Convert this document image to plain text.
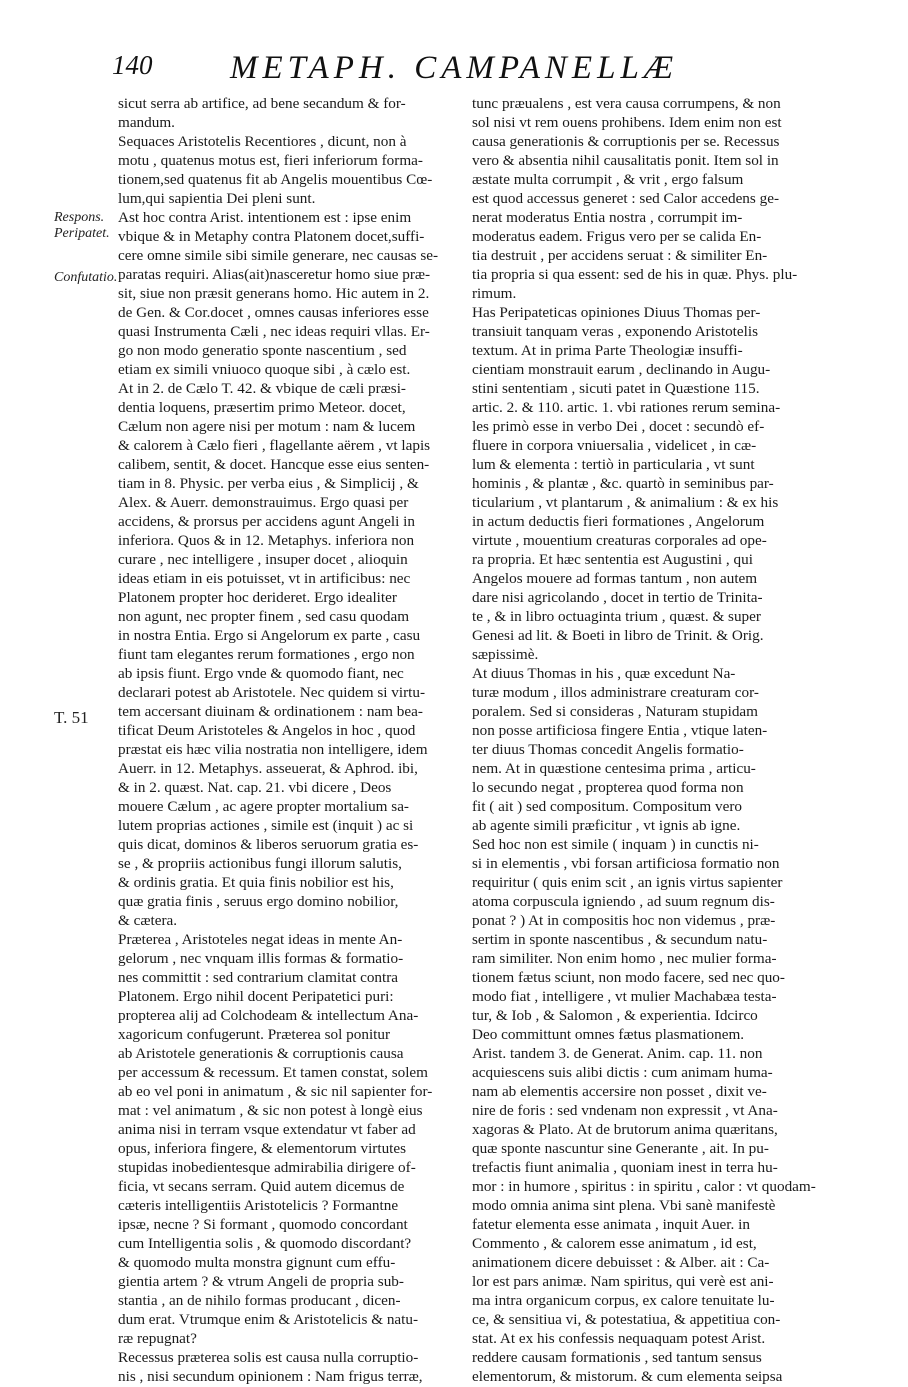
140 METAPH. CAMPANELLÆ
Respons. Peripatet.
Confutatio.
T. 51
sicut serra ab artifice, ad bene secandum & for-
mandum.
Sequaces Aristotelis Recentiores , dicunt, non à
motu , quatenus motus est, fieri inferiorum forma-
tionem,sed quatenus fit ab Angelis mouentibus Cœ-
lum,qui sapientia Dei pleni sunt.
Ast hoc contra Arist. intentionem est : ipse enim
vbique & in Metaphy contra Platonem docet,suffi-
cere omne simile sibi simile generare, nec causas se-
paratas requiri. Alias(ait)nasceretur homo siue præ-
sit, siue non præsit generans homo. Hic autem in 2.
de Gen. & Cor.docet , omnes causas inferiores esse
quasi Instrumenta Cæli , nec ideas requiri vllas. Er-
go non modo generatio sponte nascentium , sed
etiam ex simili vniuoco quoque sibi , à cælo est.
At in 2. de Cælo T. 42. & vbique de cæli præsi-
dentia loquens, præsertim primo Meteor. docet,
Cælum non agere nisi per motum : nam & lucem
& calorem à Cælo fieri , flagellante aërem , vt lapis
calibem, sentit, & docet. Hancque esse eius senten-
tiam in 8. Physic. per verba eius , & Simplicij , &
Alex. & Auerr. demonstrauimus. Ergo quasi per
accidens, & prorsus per accidens agunt Angeli in
inferiora. Quos & in 12. Metaphys. inferiora non
curare , nec intelligere , insuper docet , alioquin
ideas etiam in eis potuisset, vt in artificibus: nec
Platonem propter hoc derideret. Ergo idealiter
non agunt, nec propter finem , sed casu quodam
in nostra Entia. Ergo si Angelorum ex parte , casu
fiunt tam elegantes rerum formationes , ergo non
ab ipsis fiunt. Ergo vnde & quomodo fiant, nec
declarari potest ab Aristotele. Nec quidem si virtu-
tem accersant diuinam & ordinationem : nam bea-
tificat Deum Aristoteles & Angelos in hoc , quod
præstat eis hæc vilia nostratia non intelligere, idem
Auerr. in 12. Metaphys. asseuerat, & Aphrod. ibi,
& in 2. quæst. Nat. cap. 21. vbi dicere , Deos
mouere Cælum , ac agere propter mortalium sa-
lutem proprias actiones , simile est (inquit ) ac si
quis dicat, dominos & liberos seruorum gratia es-
se , & propriis actionibus fungi illorum salutis,
& ordinis gratia. Et quia finis nobilior est his,
quæ gratia finis , seruus ergo domino nobilior,
& cætera.
Præterea , Aristoteles negat ideas in mente An-
gelorum , nec vnquam illis formas & formatio-
nes committit : sed contrarium clamitat contra
Platonem. Ergo nihil docent Peripatetici puri:
propterea alij ad Colchodeam & intellectum Ana-
xagoricum confugerunt. Præterea sol ponitur
ab Aristotele generationis & corruptionis causa
per accessum & recessum. Et tamen constat, solem
ab eo vel poni in animatum , & sic nil sapienter for-
mat : vel animatum , & sic non potest à longè eius
anima nisi in terram vsque extendatur vt faber ad
opus, inferiora fingere, & elementorum virtutes
stupidas inobedientesque admirabilia dirigere of-
ficia, vt secans serram. Quid autem dicemus de
cæteris intelligentiis Aristotelicis ? Formantne
ipsæ, necne ? Si formant , quomodo concordant
cum Intelligentia solis , & quomodo discordant?
& quomodo multa monstra gignunt cum effu-
gientia artem ? & vtrum Angeli de propria sub-
stantia , an de nihilo formas producant , dicen-
dum erat. Vtrumque enim & Aristotelicis & natu-
ræ repugnat?
Recessus præterea solis est causa nulla corruptio-
nis , nisi secundum opinionem : Nam frigus terræ,
tunc præualens , est vera causa corrumpens, & non
sol nisi vt rem ouens prohibens. Idem enim non est
causa generationis & corruptionis per se. Recessus
vero & absentia nihil causalitatis ponit. Item sol in
æstate multa corrumpit , & vrit , ergo falsum
est quod accessus generet : sed Calor accedens ge-
nerat moderatus Entia nostra , corrumpit im-
moderatus eadem. Frigus vero per se calida En-
tia destruit , per accidens seruat : & similiter En-
tia propria si qua essent: sed de his in quæ. Phys. plu-
rimum.
Has Peripateticas opiniones Diuus Thomas per-
transiuit tanquam veras , exponendo Aristotelis
textum. At in prima Parte Theologiæ insuffi-
cientiam monstrauit earum , declinando in Augu-
stini sententiam , sicuti patet in Quæstione 115.
artic. 2. & 110. artic. 1. vbi rationes rerum semina-
les primò esse in verbo Dei , docet : secundò ef-
fluere in corpora vniuersalia , videlicet , in cæ-
lum & elementa : tertiò in particularia , vt sunt
hominis , & plantæ , &c. quartò in seminibus par-
ticularium , vt plantarum , & animalium : & ex his
in actum deductis fieri formationes , Angelorum
virtute , mouentium creaturas corporales ad ope-
ra propria. Et hæc sententia est Augustini , qui
Angelos mouere ad formas tantum , non autem
dare nisi agricolando , docet in tertio de Trinita-
te , & in libro octuaginta trium , quæst. & super
Genesi ad lit. & Boeti in libro de Trinit. & Orig.
sæpissimè.
At diuus Thomas in his , quæ excedunt Na-
turæ modum , illos administrare creaturam cor-
poralem. Sed si consideras , Naturam stupidam
non posse artificiosa fingere Entia , vtique laten-
ter diuus Thomas concedit Angelis formatio-
nem. At in quæstione centesima prima , articu-
lo secundo negat , propterea quod forma non
fit ( ait ) sed compositum. Compositum vero
ab agente simili præficitur , vt ignis ab igne.
Sed hoc non est simile ( inquam ) in cunctis ni-
si in elementis , vbi forsan artificiosa formatio non
requiritur ( quis enim scit , an ignis virtus sapienter
atoma corpuscula igniendo , ad suum regnum dis-
ponat ? ) At in compositis hoc non videmus , præ-
sertim in sponte nascentibus , & secundum natu-
ram similiter. Non enim homo , nec mulier forma-
tionem fætus sciunt, non modo facere, sed nec quo-
modo fiat , intelligere , vt mulier Machabæa testa-
tur, & Iob , & Salomon , & experientia. Idcirco
Deo committunt omnes fætus plasmationem.
Arist. tandem 3. de Generat. Anim. cap. 11. non
acquiescens suis alibi dictis : cum animam huma-
nam ab elementis accersire non posset , dixit ve-
nire de foris : sed vndenam non expressit , vt Ana-
xagoras & Plato. At de brutorum anima quæritans,
quæ sponte nascuntur sine Generante , ait. In pu-
trefactis fiunt animalia , quoniam inest in terra hu-
mor : in humore , spiritus : in spiritu , calor : vt quodam-
modo omnia anima sint plena. Vbi sanè manifestè
fatetur elementa esse animata , inquit Auer. in
Commento , & calorem esse animatum , id est,
animationem dicere debuisset : & Alber. ait : Ca-
lor est pars animæ. Nam spiritus, qui verè est ani-
ma intra organicum corpus, ex calore tenuitate lu-
ce, & sensitiua vi, & potestatiua, & appetitiua con-
stat. At ex his confessis nequaquam potest Arist.
reddere causam formationis , sed tantum sensus
elementorum, & mistorum. & cum elementa seipsa
